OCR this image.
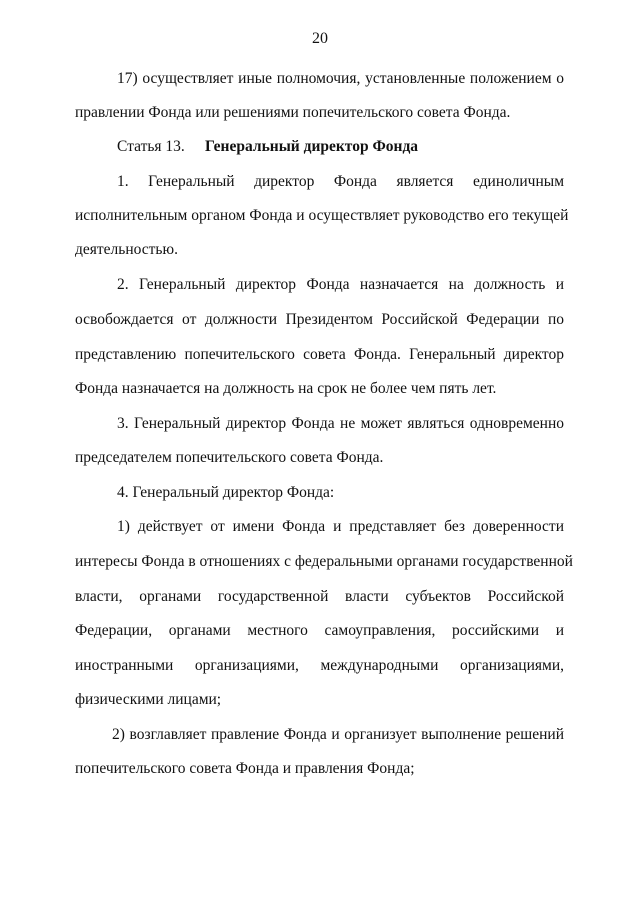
20
17) осуществляет иные полномочия, установленные положением о
правлении Фонда или решениями попечительского совета Фонда.
Статья 13. Генеральный директор Фонда
1. Генеральный директор Фонда является единоличным
исполнительным органом Фонда и осуществляет руководство его текущей
деятельностью.
2. Генеральный директор Фонда назначается на должность и
освобождается от должности Президентом Российской Федерации по
представлению попечительского совета Фонда. Генеральный директор
Фонда назначается на должность на срок не более чем пять лет.
3. Генеральный директор Фонда не может являться одновременно
председателем попечительского совета Фонда.
4. Генеральный директор Фонда:
1) действует от имени Фонда и представляет без доверенности
интересы Фонда в отношениях с федеральными органами государственной
власти, органами государственной власти субъектов Российской
Федерации, органами местного самоуправления, российскими и
иностранными организациями, международными организациями,
физическими лицами;
2) возглавляет правление Фонда и организует выполнение решений
попечительского совета Фонда и правления Фонда;
